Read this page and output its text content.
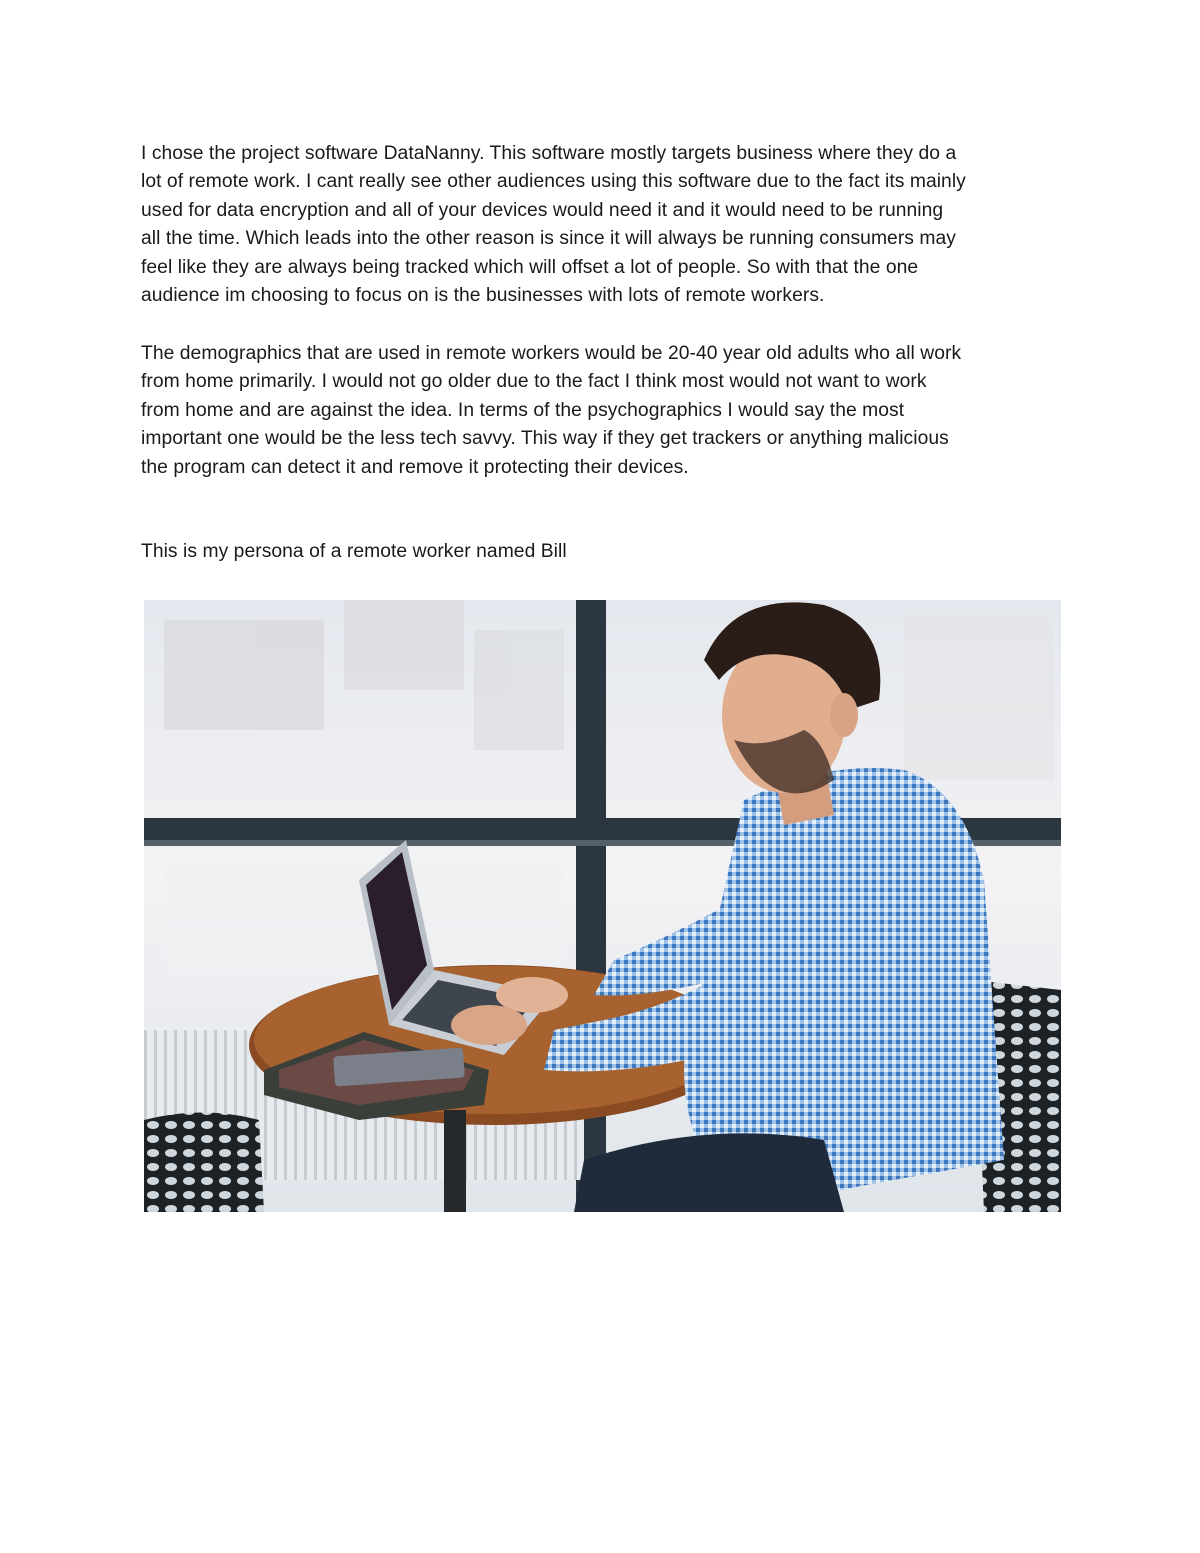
I chose the project software DataNanny. This software mostly targets business where they do a
lot of remote work. I cant really see other audiences using this software due to the fact its mainly
used for data encryption and all of your devices would need it and it would need to be running
all the time. Which leads into the other reason is since it will always be running consumers may
feel like they are always being tracked which will offset a lot of people. So with that the one
audience im choosing to focus on is the businesses with lots of remote workers.

The demographics that are used in remote workers would be 20-40 year old adults who all work
from home primarily. I would not go older due to the fact I think most would not want to work
from home and are against the idea. In terms of the psychographics I would say the most
important one would be the less tech savvy. This way if they get trackers or anything malicious
the program can detect it and remove it protecting their devices.

This is my persona of a remote worker named Bill
